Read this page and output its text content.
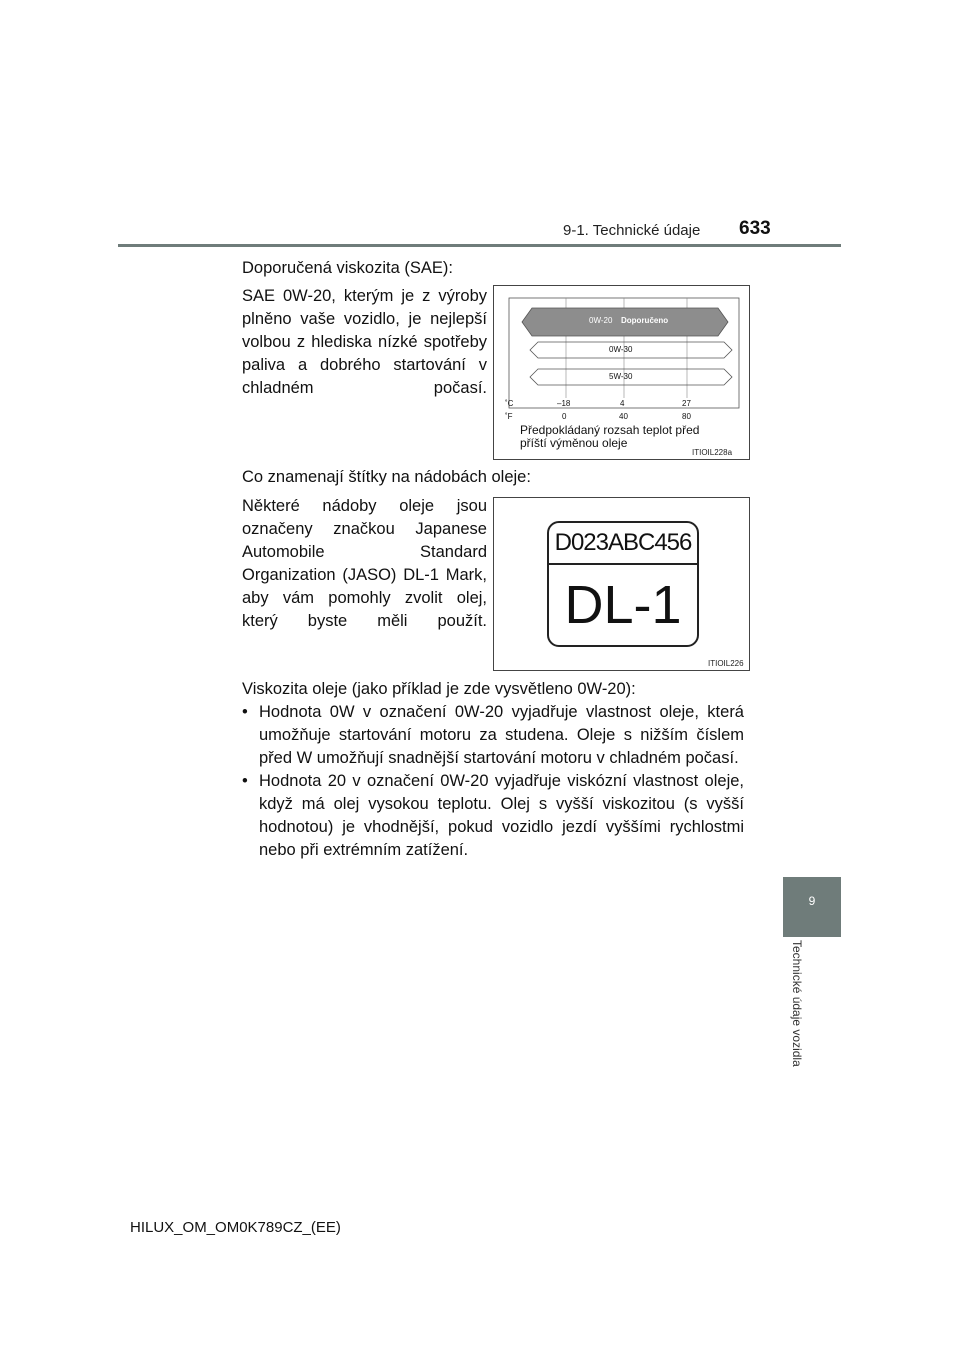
9-1. Technické údaje 633
Doporučená viskozita (SAE):
SAE 0W-20, kterým je z výroby plněno vaše vozidlo, je nejlepší volbou z hlediska nízké spotřeby paliva a dobrého startování v chladném počasí.
0W-20 Doporučeno
0W-30
5W-30
˚C	–18	4	27
˚F	0	40	80
Předpokládaný rozsah teplot před
příští výměnou oleje
ITIOIL228a
Co znamenají štítky na nádobách oleje:
Některé nádoby oleje jsou označeny značkou Japanese Automobile Standard Organization (JASO) DL-1 Mark, aby vám pomohly zvolit olej, který byste měli použít.
D023ABC456
DL-1
ITIOIL226
Viskozita oleje (jako příklad je zde vysvětleno 0W-20):
• Hodnota 0W v označení 0W-20 vyjadřuje vlastnost oleje, která umožňuje startování motoru za studena. Oleje s nižším číslem před W umožňují snadnější startování motoru v chladném počasí.
• Hodnota 20 v označení 0W-20 vyjadřuje viskózní vlastnost oleje, když má olej vysokou teplotu. Olej s vyšší viskozitou (s vyšší hodnotou) je vhodnější, pokud vozidlo jezdí vyššími rychlostmi nebo při extrémním zatížení.
9
Technické údaje vozidla
HILUX_OM_OM0K789CZ_(EE)
